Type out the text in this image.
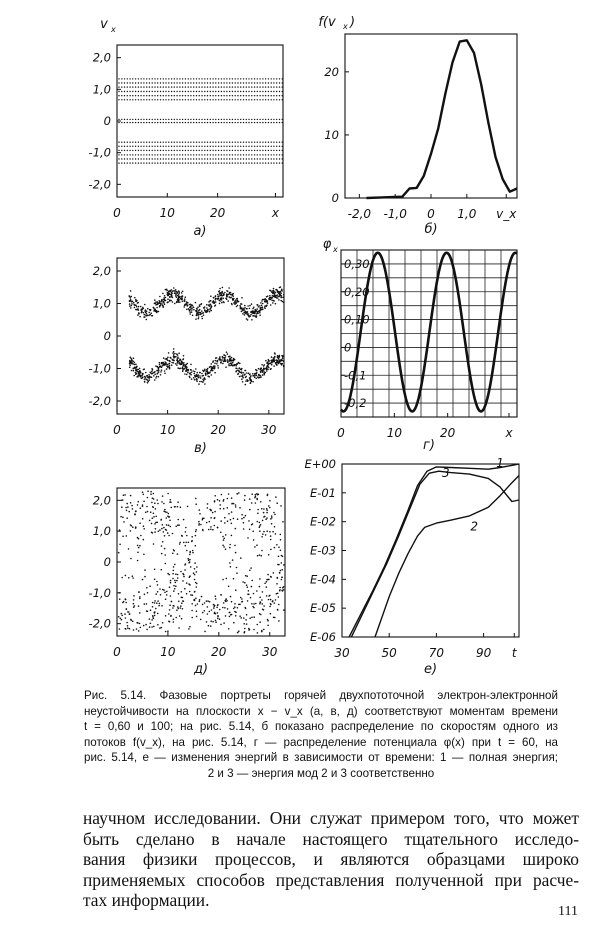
0	10	20	x
2,0
1,0
0
-1,0
-2,0
v x
а)
-2,0 -1,0 0 1,0 v_x
20
10
0
f(v x )
б)
0	10	20	30
2,0
1,0
0
-1,0
-2,0
в)
0	10	20	x
0,30
0,20
0,10
0
-0,1
-0,2
φ x
г)
0	10	20	30
2,0
1,0
0
-1,0
-2,0
д)
30	50	70	90 t
E+00
E-01
E-02
E-03
E-04
E-05
E-06
1
3
2
е)
Рис. 5.14. Фазовые портреты горячей двухпототочной электрон-электронной
неустойчивости на плоскости x − v_x (а, в, д) соответствуют моментам времени
t = 0,60 и 100; на рис. 5.14, б показано распределение по скоростям одного из
потоков f(v_x), на рис. 5.14, г — распределение потенциала φ(x) при t = 60, на
рис. 5.14, е — изменения энергий в зависимости от времени: 1 — полная энергия;
2 и 3 — энергия мод 2 и 3 соответственно
научном исследовании. Они служат примером того, что может
быть сделано в начале настоящего тщательного исследо-
вания физики процессов, и являются образцами широко
применяемых способов представления полученной при расче-
тах информации.
111
